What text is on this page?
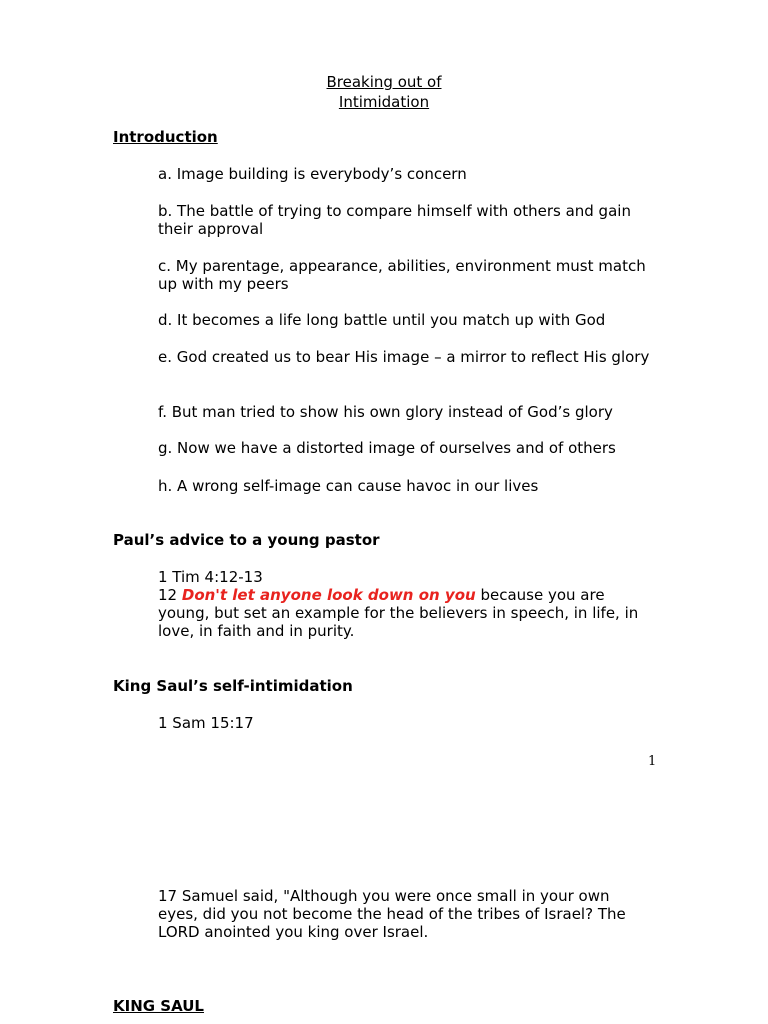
Breaking out of
Intimidation
Introduction
a. Image building is everybody’s concern
b. The battle of trying to compare himself with others and gain their approval
c. My parentage, appearance, abilities, environment must match up with my peers
d. It becomes a life long battle until you match up with God
e. God created us to bear His image – a mirror to reflect His glory
f. But man tried to show his own glory instead of God’s glory
g. Now we have a distorted image of ourselves and of others
h. A wrong self-image can cause havoc in our lives
Paul’s advice to a young pastor
1 Tim 4:12-13
12 Don't let anyone look down on you because you are young, but set an example for the believers in speech, in life, in love, in faith and in purity.
King Saul’s self-intimidation
1 Sam 15:17
1
17 Samuel said, "Although you were once small in your own eyes, did you not become the head of the tribes of Israel? The LORD anointed you king over Israel.
KING SAUL
